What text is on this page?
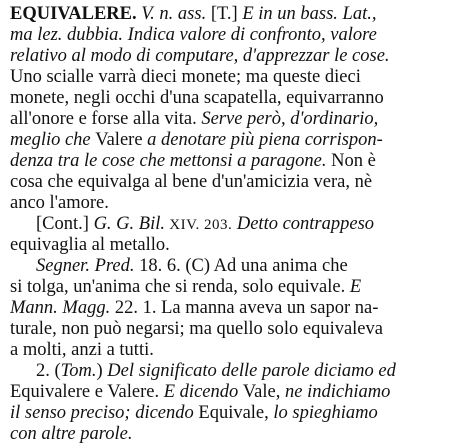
EQUIVALERE. V. n. ass. [T.] E in un bass. Lat.,
ma lez. dubbia. Indica valore di confronto, valore
relativo al modo di computare, d'apprezzar le cose.
Uno scialle varrà dieci monete; ma queste dieci
monete, negli occhi d'una scapatella, equivarranno
all'onore e forse alla vita. Serve però, d'ordinario,
meglio che Valere a denotare più piena corrispon-
denza tra le cose che mettonsi a paragone. Non è
cosa che equivalga al bene d'un'amicizia vera, nè
anco l'amore.
[Cont.] G. G. Bil. XIV. 203. Detto contrappeso
equivaglia al metallo.
Segner. Pred. 18. 6. (C) Ad una anima che
si tolga, un'anima che si renda, solo equivale. E
Mann. Magg. 22. 1. La manna aveva un sapor na-
turale, non può negarsi; ma quello solo equivaleva
a molti, anzi a tutti.
2. (Tom.) Del significato delle parole diciamo ed
Equivalere e Valere. E dicendo Vale, ne indichiamo
il senso preciso; dicendo Equivale, lo spieghiamo
con altre parole.
